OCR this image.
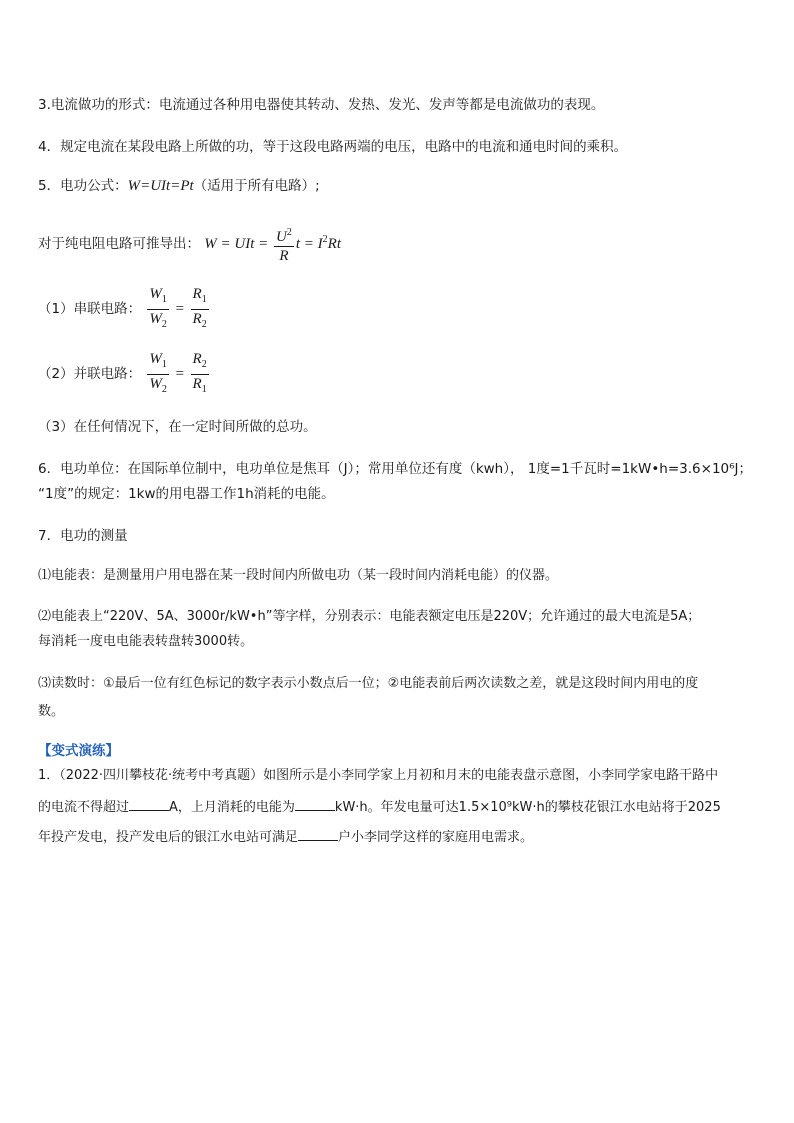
3.电流做功的形式：电流通过各种用电器使其转动、发热、发光、发声等都是电流做功的表现。
4．规定电流在某段电路上所做的功，等于这段电路两端的电压，电路中的电流和通电时间的乘积。
5．电功公式：W=UIt=Pt（适用于所有电路）;
对于纯电阻电路可推导出： W = UIt = $\frac{U^2}{R}$ $t = I^2Rt$
（1）串联电路： $\frac{W_1}{W_2} = \frac{R_1}{R_2}$
（2）并联电路： $\frac{W_1}{W_2} = \frac{R_2}{R_1}$
（3）在任何情况下，在一定时间所做的总功。
6．电功单位：在国际单位制中，电功单位是焦耳（J）；常用单位还有度（kwh）， 1度=1千瓦时=1kW•h=3.6×10⁶J；
“1度”的规定：1kw的用电器工作1h消耗的电能。
7．电功的测量
⑴电能表：是测量用户用电器在某一段时间内所做电功（某一段时间内消耗电能）的仪器。
⑵电能表上“220V、5A、3000r/kW•h”等字样，分别表示：电能表额定电压是220V；允许通过的最大电流是5A；
每消耗一度电电能表转盘转3000转。
⑶读数时：①最后一位有红色标记的数字表示小数点后一位；②电能表前后两次读数之差，就是这段时间内用电的度
数。
【变式演练】
1．（2022·四川攀枝花·统考中考真题）如图所示是小李同学家上月初和月末的电能表盘示意图，小李同学家电路干路中
的电流不得超过	A，上月消耗的电能为	kW·h。年发电量可达1.5×10⁹kW·h的攀枝花银江水电站将于2025
年投产发电，投产发电后的银江水电站可满足	户小李同学这样的家庭用电需求。
